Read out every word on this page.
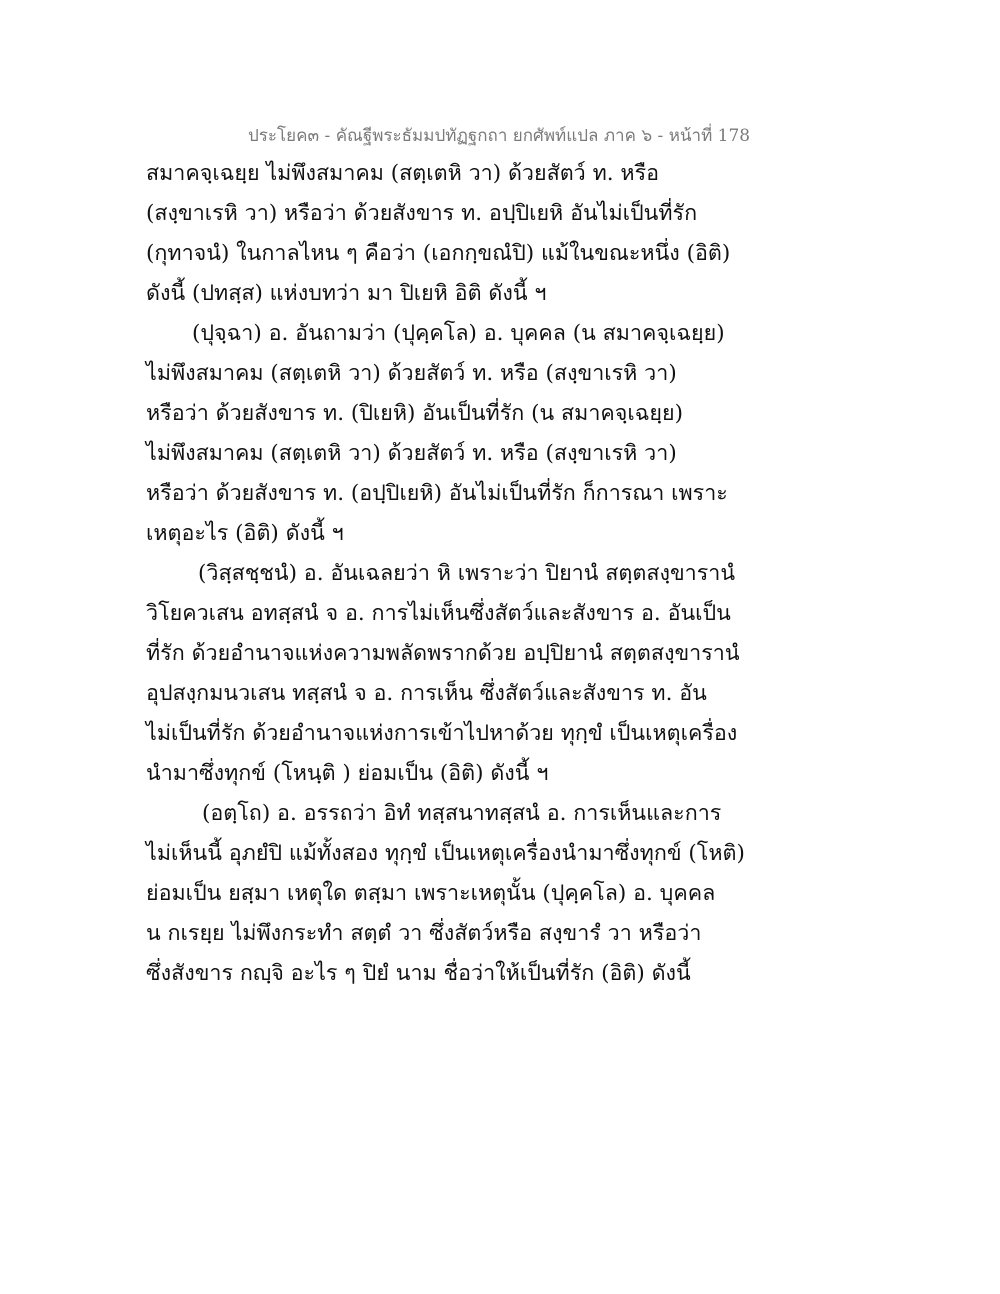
ประโยค๓ - คัณฐีพระธัมมปทัฏฐกถา ยกศัพท์แปล ภาค ๖ - หน้าที่ 178
สมาคจฺเฉยฺย ไม่พึงสมาคม (สตฺเตหิ วา) ด้วยสัตว์ ท. หรือ
(สงฺขาเรหิ วา) หรือว่า ด้วยสังขาร ท. อปฺปิเยหิ อันไม่เป็นที่รัก
(กุทาจนํ) ในกาลไหน ๆ คือว่า (เอกกฺขณํปิ) แม้ในขณะหนึ่ง (อิติ)
ดังนี้ (ปทสฺส) แห่งบทว่า มา ปิเยหิ อิติ ดังนี้ ฯ
(ปุจฺฉา) อ. อันถามว่า (ปุคฺคโล) อ. บุคคล (น สมาคจฺเฉยฺย)
ไม่พึงสมาคม (สตฺเตหิ วา) ด้วยสัตว์ ท. หรือ (สงฺขาเรหิ วา)
หรือว่า ด้วยสังขาร ท. (ปิเยหิ) อันเป็นที่รัก (น สมาคจฺเฉยฺย)
ไม่พึงสมาคม (สตฺเตหิ วา) ด้วยสัตว์ ท. หรือ (สงฺขาเรหิ วา)
หรือว่า ด้วยสังขาร ท. (อปฺปิเยหิ) อันไม่เป็นที่รัก ก็การณา เพราะ
เหตุอะไร (อิติ) ดังนี้ ฯ
(วิสฺสชฺชนํ) อ. อันเฉลยว่า หิ เพราะว่า ปิยานํ สตฺตสงฺขารานํ
วิโยควเสน อทสฺสนํ จ อ. การไม่เห็นซึ่งสัตว์และสังขาร อ. อันเป็น
ที่รัก ด้วยอำนาจแห่งความพลัดพรากด้วย อปฺปิยานํ สตฺตสงฺขารานํ
อุปสงฺกมนวเสน ทสฺสนํ จ อ. การเห็น ซึ่งสัตว์และสังขาร ท. อัน
ไม่เป็นที่รัก ด้วยอำนาจแห่งการเข้าไปหาด้วย ทุกฺขํ เป็นเหตุเครื่อง
นำมาซึ่งทุกข์ (โหนฺติ ) ย่อมเป็น (อิติ) ดังนี้ ฯ
(อตฺโถ) อ. อรรถว่า อิทํ ทสฺสนาทสฺสนํ อ. การเห็นและการ
ไม่เห็นนี้ อุภยํปิ แม้ทั้งสอง ทุกฺขํ เป็นเหตุเครื่องนำมาซึ่งทุกข์ (โหติ)
ย่อมเป็น ยสฺมา เหตุใด ตสฺมา เพราะเหตุนั้น (ปุคฺคโล) อ. บุคคล
น กเรยฺย ไม่พึงกระทำ สตฺตํ วา ซึ่งสัตว์หรือ สงฺขารํ วา หรือว่า
ซึ่งสังขาร กญฺจิ อะไร ๆ ปิยํ นาม ชื่อว่าให้เป็นที่รัก (อิติ) ดังนี้
